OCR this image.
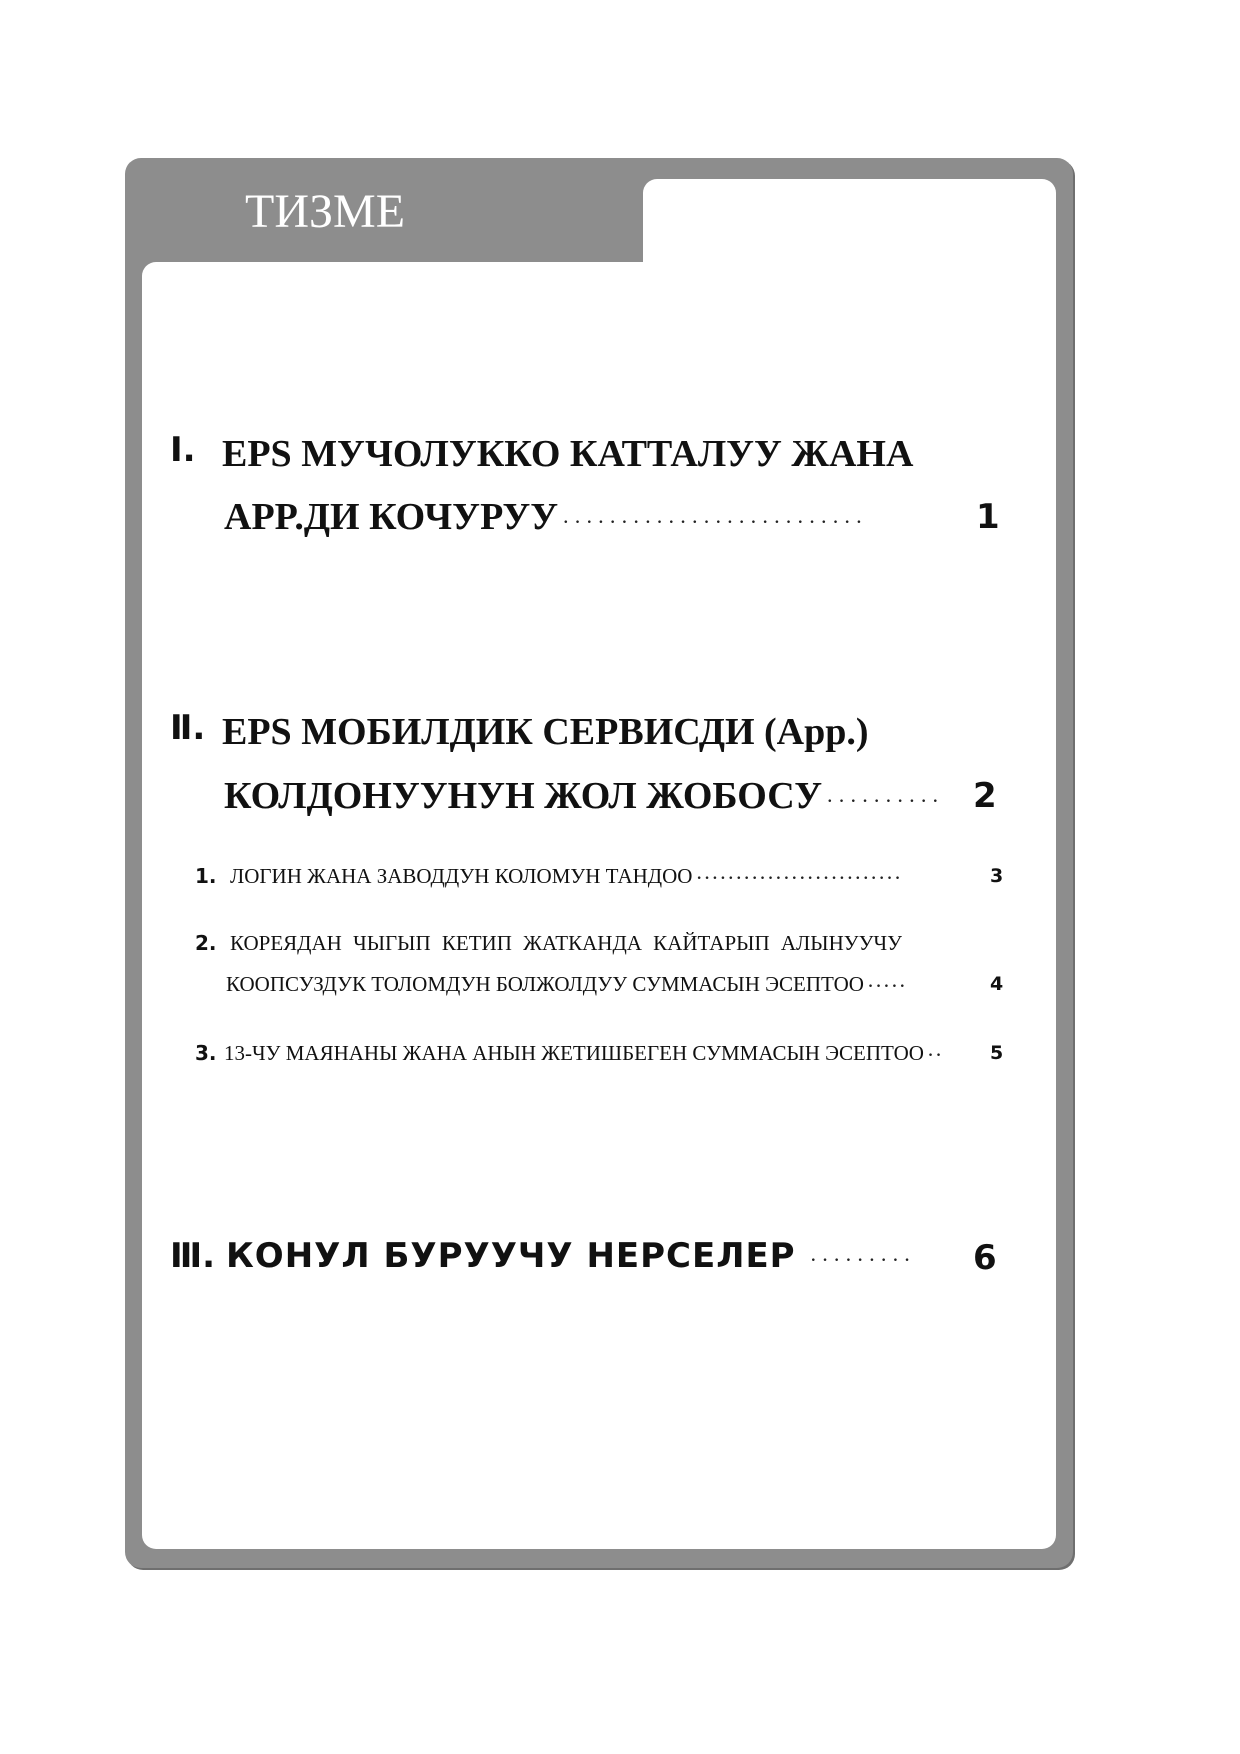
ТИЗМЕ
Ⅰ. EPS МУЧОЛУККО КАТТАЛУУ ЖАНА
APP.ДИ КОЧУРУУ ··························	1
Ⅱ. EPS МОБИЛДИК СЕРВИСДИ (App.)
КОЛДОНУУНУН ЖОЛ ЖОБОСУ ·········· 2
1. ЛОГИН ЖАНА ЗАВОДДУН КОЛОМУН ТАНДОО ··························	3
2. КОРЕЯДАН ЧЫГЫП КЕТИП ЖАТКАНДА КАЙТАРЫП АЛЫНУУЧУ
КООПСУЗДУК ТОЛОМДУН БОЛЖОЛДУУ СУММАСЫН ЭСЕПТОО ·····	4
3. 13-ЧУ МАЯНАНЫ ЖАНА АНЫН ЖЕТИШБЕГЕН СУММАСЫН ЭСЕПТОО ·· 5
Ⅲ. КОНУЛ БУРУУЧУ НЕРСЕЛЕР ········· 6
